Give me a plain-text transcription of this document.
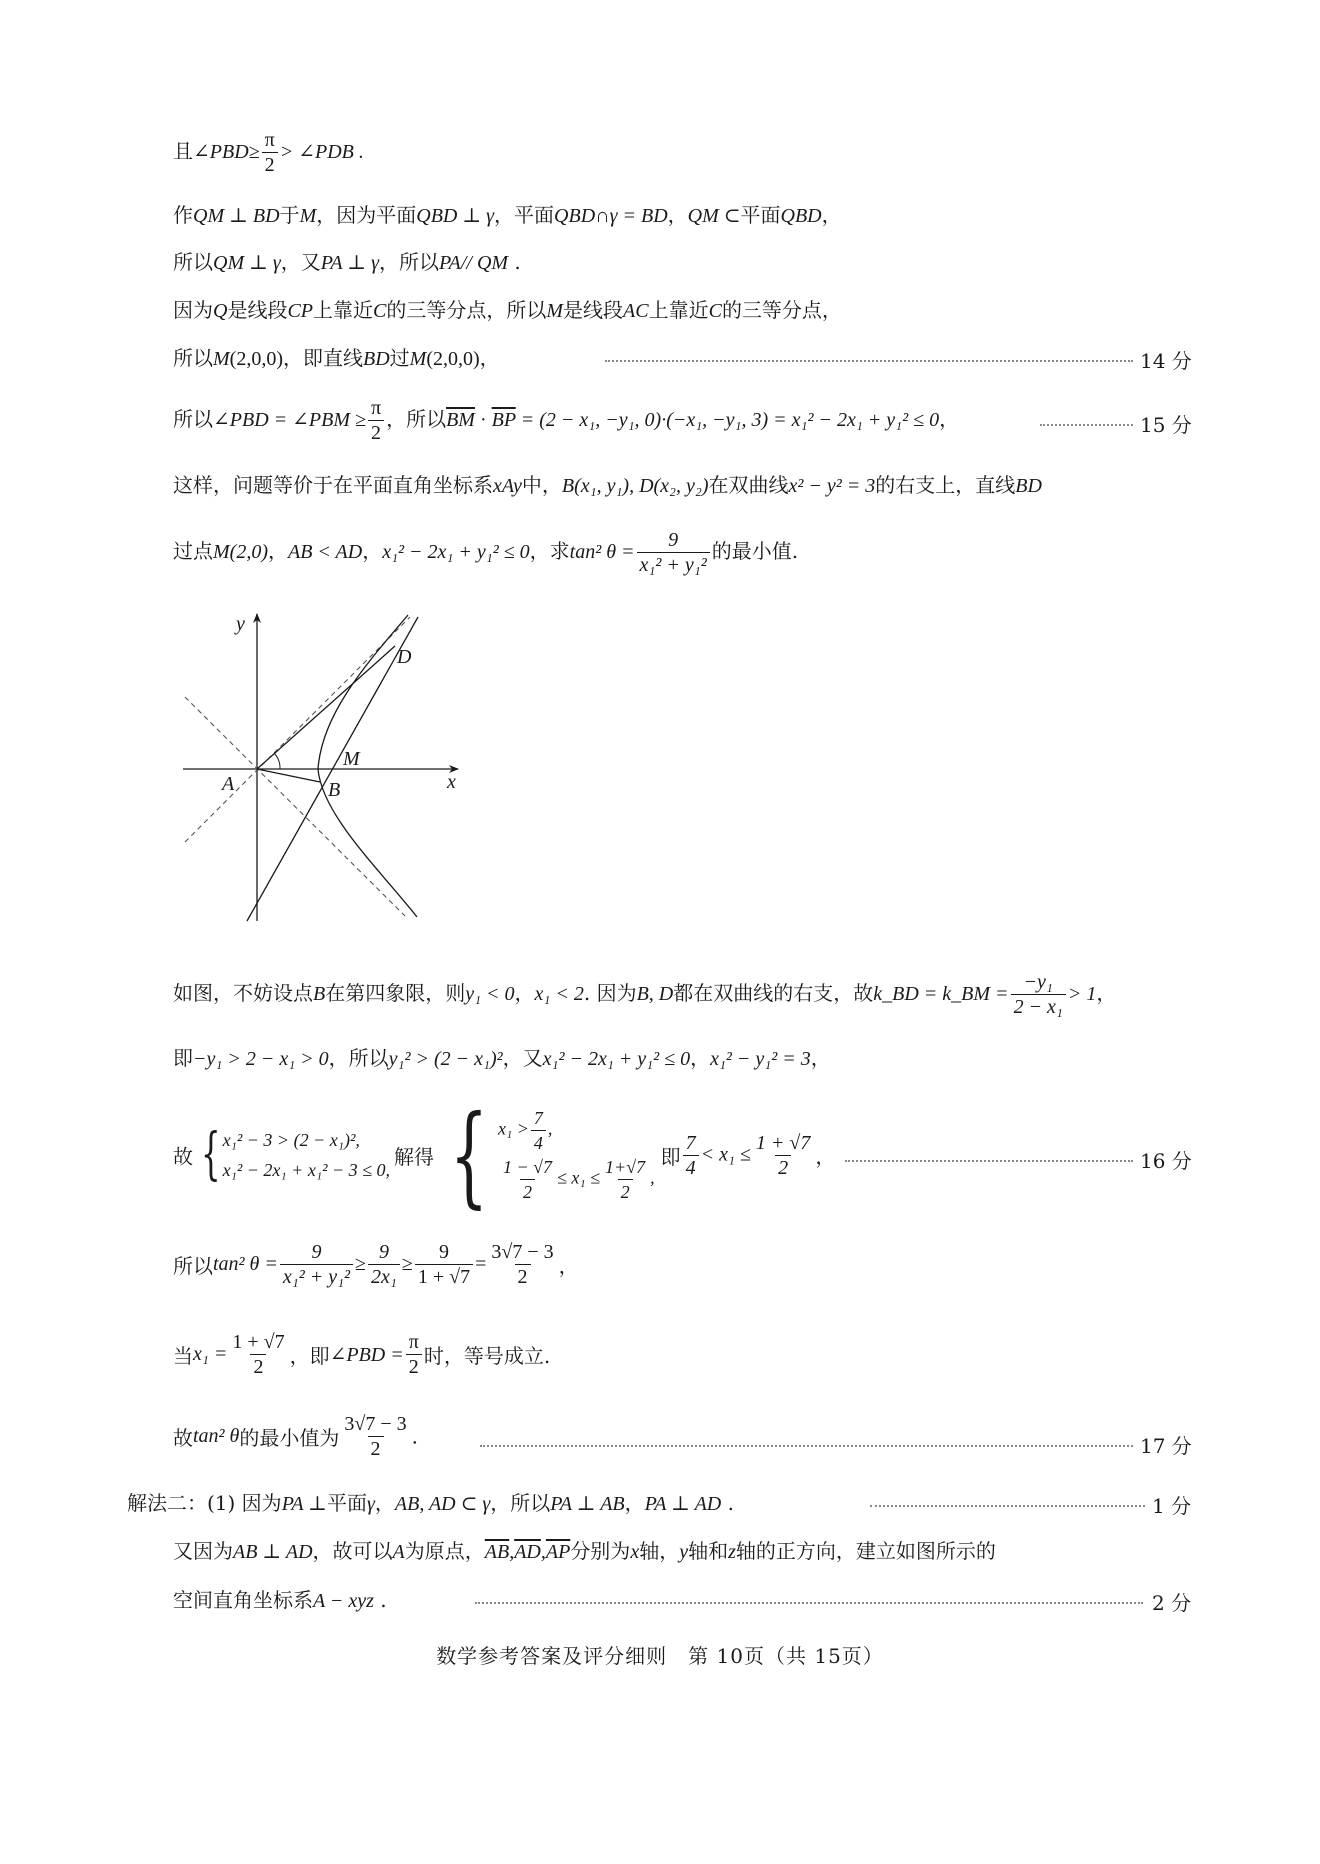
且∠PBD≥ $\frac{\pi}{2}$ > ∠PDB .
作QM ⊥ BD于M，因为平面QBD ⊥ γ，平面QBD∩γ = BD，QM ⊂平面QBD，
所以QM ⊥ γ，又PA ⊥ γ，所以PA// QM .
因为Q是线段CP上靠近C的三等分点，所以M是线段AC上靠近C的三等分点，
所以M(2,0,0)，即直线BD过M(2,0,0)，	14 分
所以∠PBD = ∠PBM ≥ $\frac{\pi}{2}$ ，所以$\overline{BM} \cdot \overline{BP} = (2 - x_1$, −y₁, 0)·(−x₁, −y₁, 3) = x₁² − 2x₁ + y₁² ≤ 0，	15 分
这样，问题等价于在平面直角坐标系xAy中，B(x₁, y₁), D(x₂, y₂)在双曲线x² − y² = 3的右支上，直线BD
过点M(2,0)，AB < AD，x₁² − 2x₁ + y₁² ≤ 0，求tan² $\theta = \frac{9}{\text{x₁² + y₁²}}$ 的最小值.
y
x
A	B
M
D
如图，不妨设点B在第四象限，则y₁ < 0，x₁ < 2. 因为B, D都在双曲线的右支，故k_BD = k_BM = $\frac{\text{−y₁}}{\text{2 − x₁}} > 1$，
即−y₁ > 2 − x₁ > 0，所以y₁² > (2 − x₁)²，又x₁² − 2x₁ + y₁² ≤ 0，x₁² − y₁² = 3，
故 { x₁² − 3 > (2 − x₁)²,
x₁² − 2x₁ + x₁² − 3 ≤ 0,
解得 { $x_1 > \frac{7}{4}$ ,
$\frac{1 - √7}{2} \le x_1 \le \frac{1+√7}{2}$ ,
即 $\frac{7}{4} < x_1 \le \frac{1 + √7}{2}$ ，	16 分
所以tan² $\theta = \frac{9}{\text{x₁² + y₁²}} \ge \frac{9}{\text{2x₁}} \ge \frac{9}{1 + √7} = \frac{3√7 - 3}{2}$ ，
当$x_1 = \frac{1 + √7}{2}$ ，即∠PBD = $\frac{\pi}{2}$ 时，等号成立.
故tan² θ的最小值为 $\frac{3√7 - 3}{2}$ .	17 分
解法二：(1) 因为PA ⊥平面γ，AB, AD ⊂ γ，所以PA ⊥ AB，PA ⊥ AD .	1 分
又因为AB ⊥ AD，故可以A为原点，$\overline{AB},\overline{AD},\overline{AP}$分别为x轴，y轴和z轴的正方向，建立如图所示的
空间直角坐标系A − xyz .	2 分
数学参考答案及评分细则　第 10页（共 15页）
